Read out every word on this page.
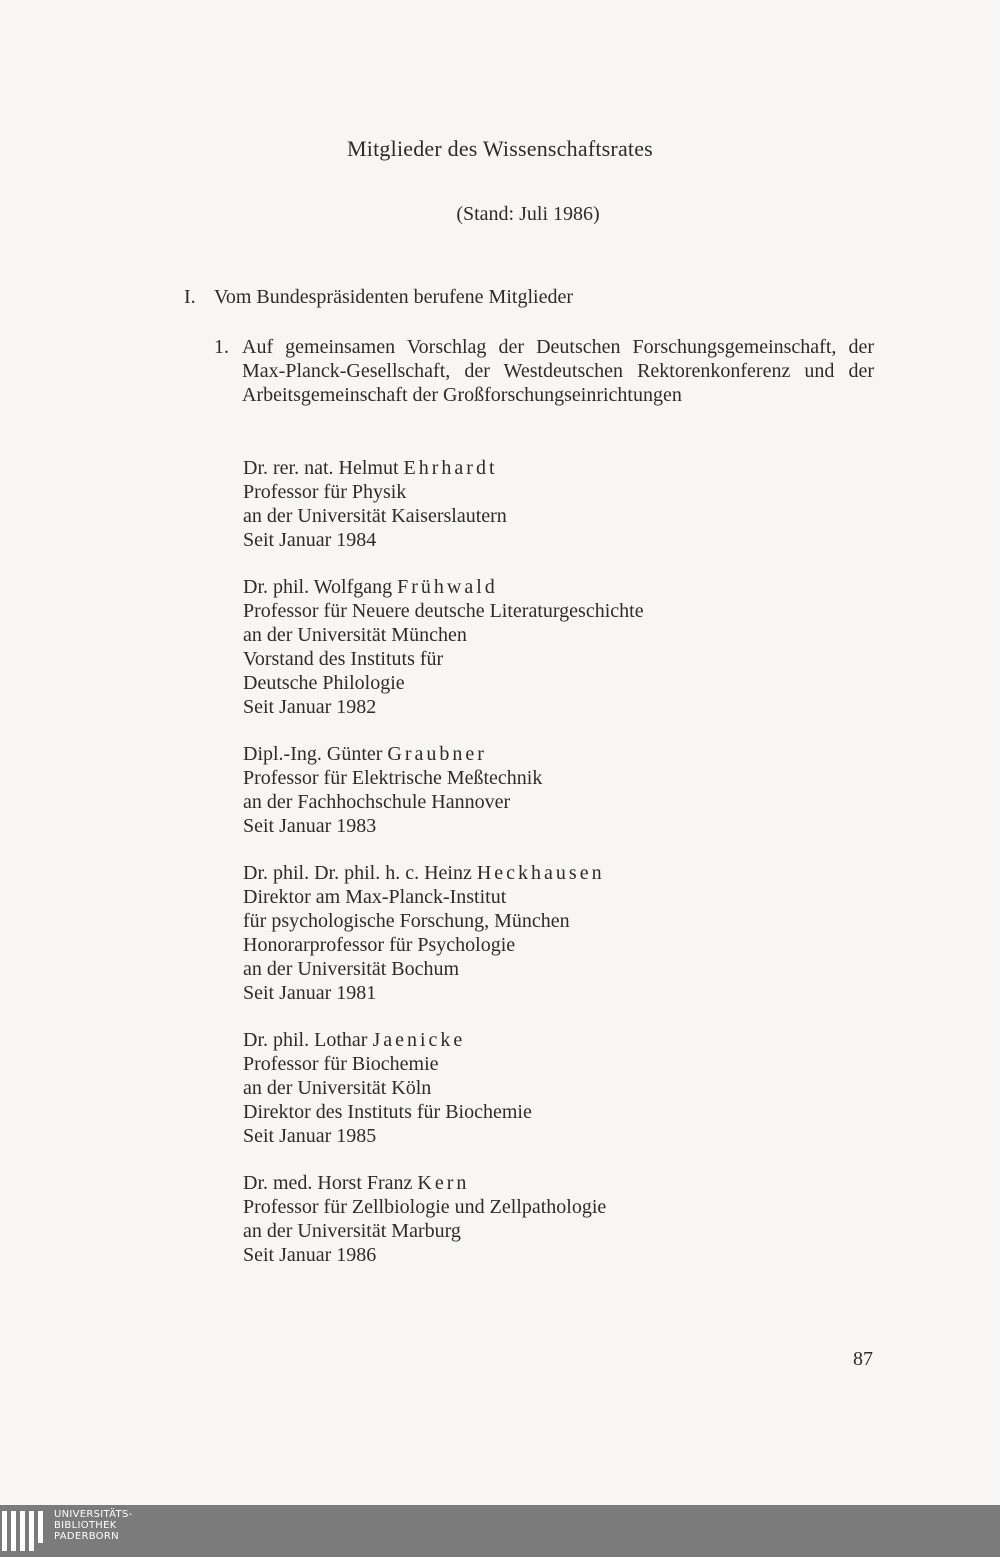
Mitglieder des Wissenschaftsrates
(Stand: Juli 1986)
I. Vom Bundespräsidenten berufene Mitglieder
1. Auf gemeinsamen Vorschlag der Deutschen Forschungsgemeinschaft, der Max-Planck-Gesellschaft, der Westdeutschen Rektorenkonferenz und der Arbeitsgemeinschaft der Großforschungseinrichtungen
Dr. rer. nat. Helmut Ehrhardt
Professor für Physik
an der Universität Kaiserslautern
Seit Januar 1984
Dr. phil. Wolfgang Frühwald
Professor für Neuere deutsche Literaturgeschichte
an der Universität München
Vorstand des Instituts für
Deutsche Philologie
Seit Januar 1982
Dipl.-Ing. Günter Graubner
Professor für Elektrische Meßtechnik
an der Fachhochschule Hannover
Seit Januar 1983
Dr. phil. Dr. phil. h. c. Heinz Heckhausen
Direktor am Max-Planck-Institut
für psychologische Forschung, München
Honorarprofessor für Psychologie
an der Universität Bochum
Seit Januar 1981
Dr. phil. Lothar Jaenicke
Professor für Biochemie
an der Universität Köln
Direktor des Instituts für Biochemie
Seit Januar 1985
Dr. med. Horst Franz Kern
Professor für Zellbiologie und Zellpathologie
an der Universität Marburg
Seit Januar 1986
87
UNIVERSITÄTS-
BIBLIOTHEK
PADERBORN
